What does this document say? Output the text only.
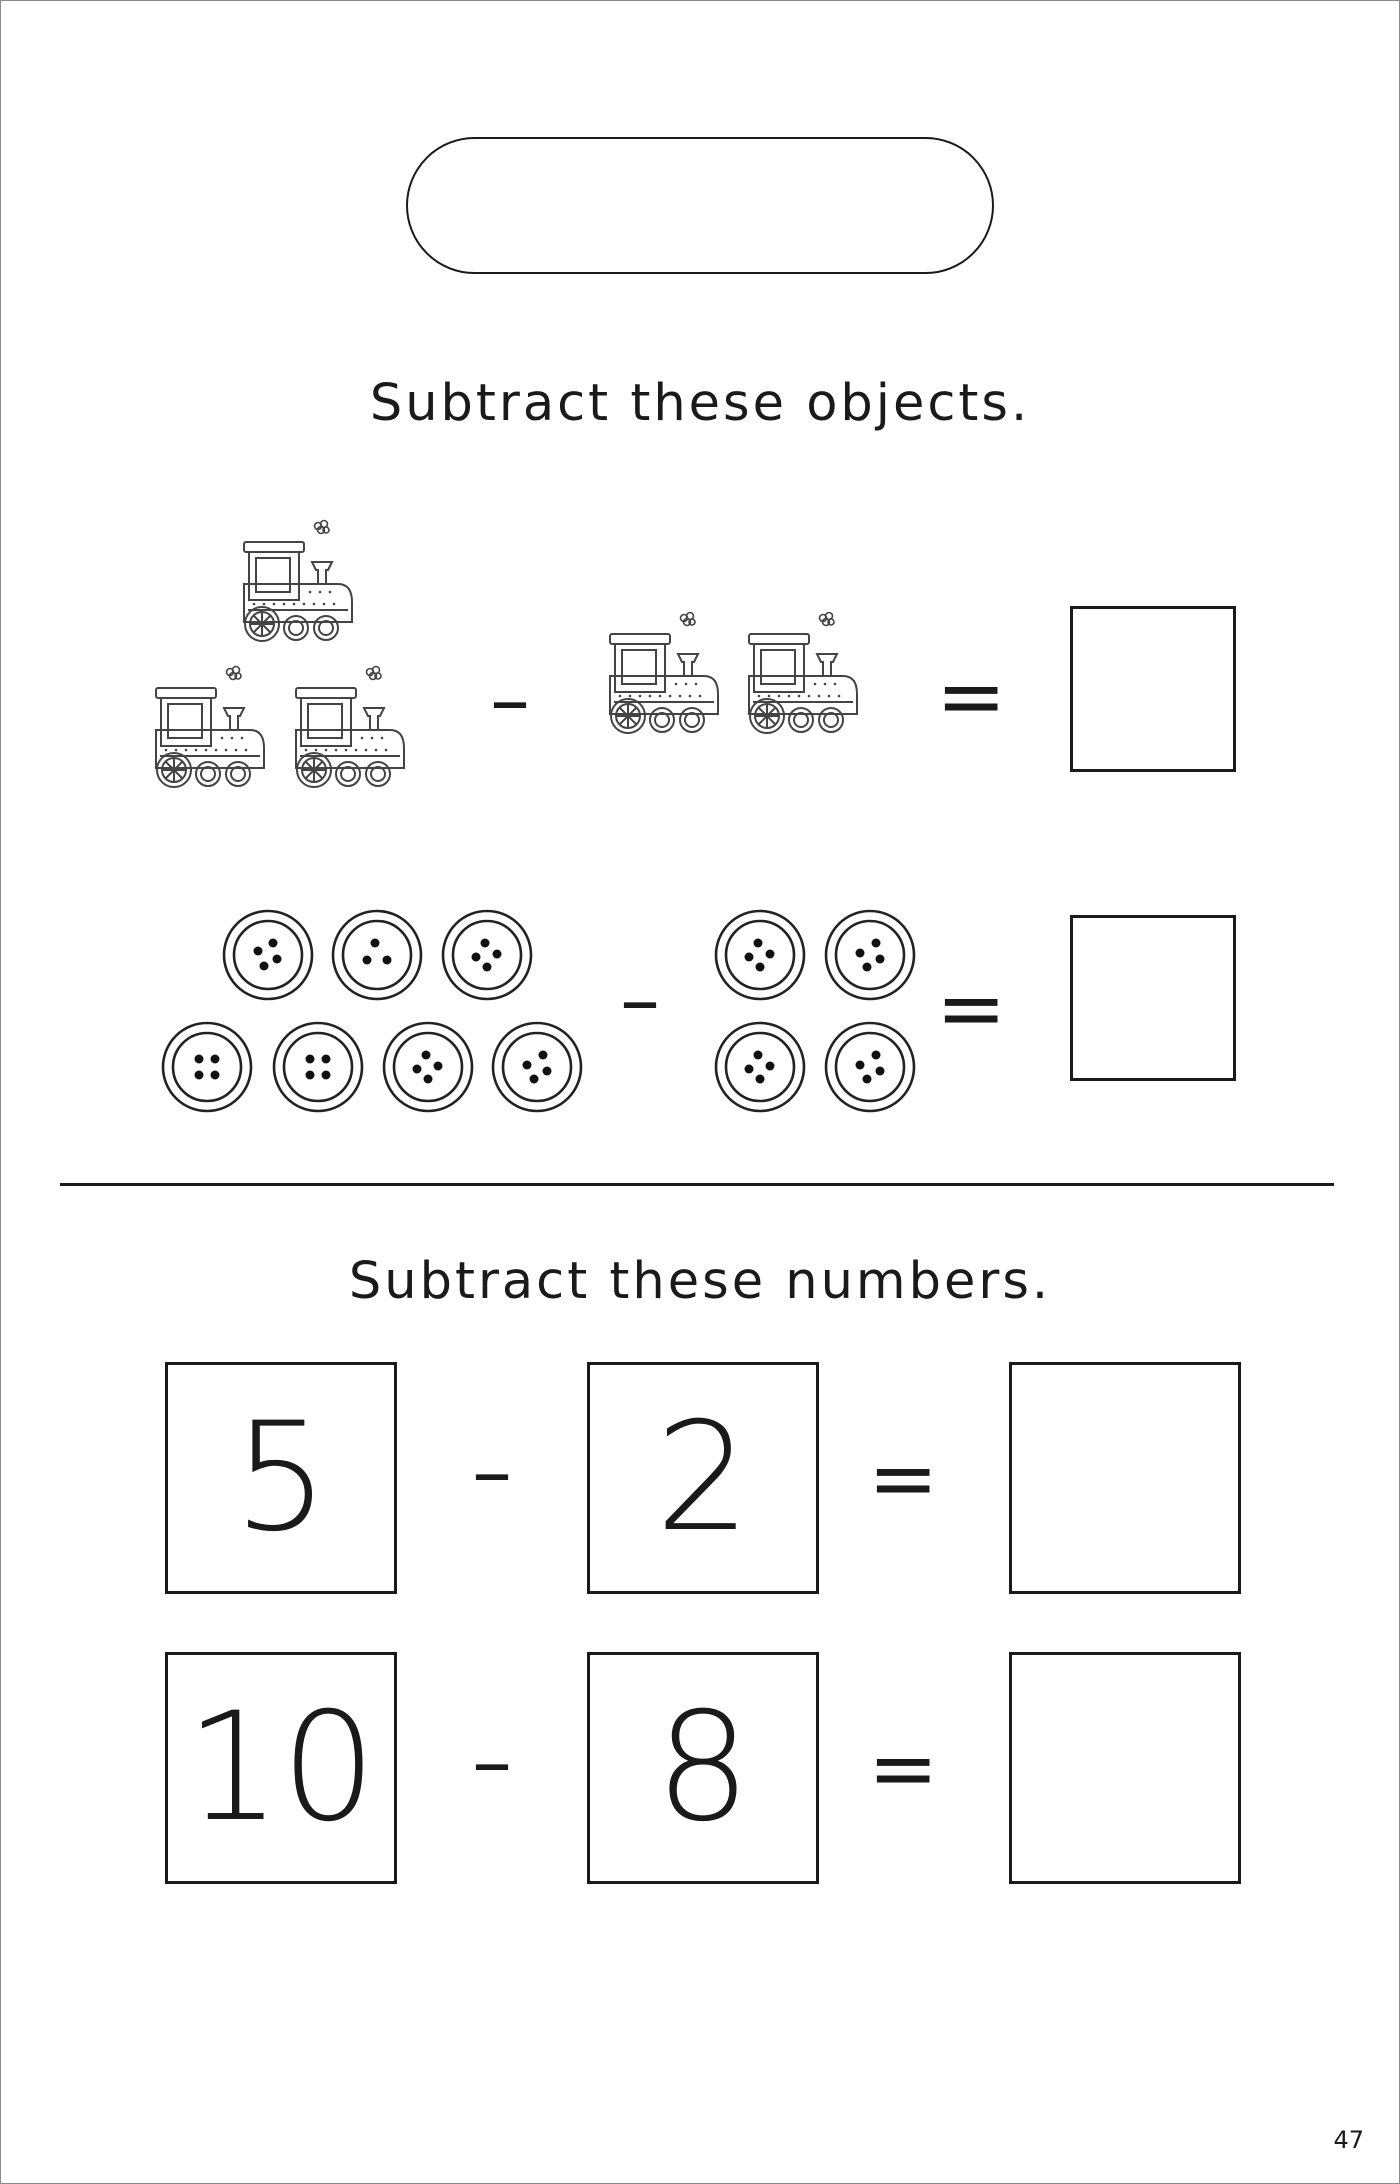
Subtract these objects.
–	=
–	=
Subtract these numbers.
5 – 2 =
10 – 8 =
47
